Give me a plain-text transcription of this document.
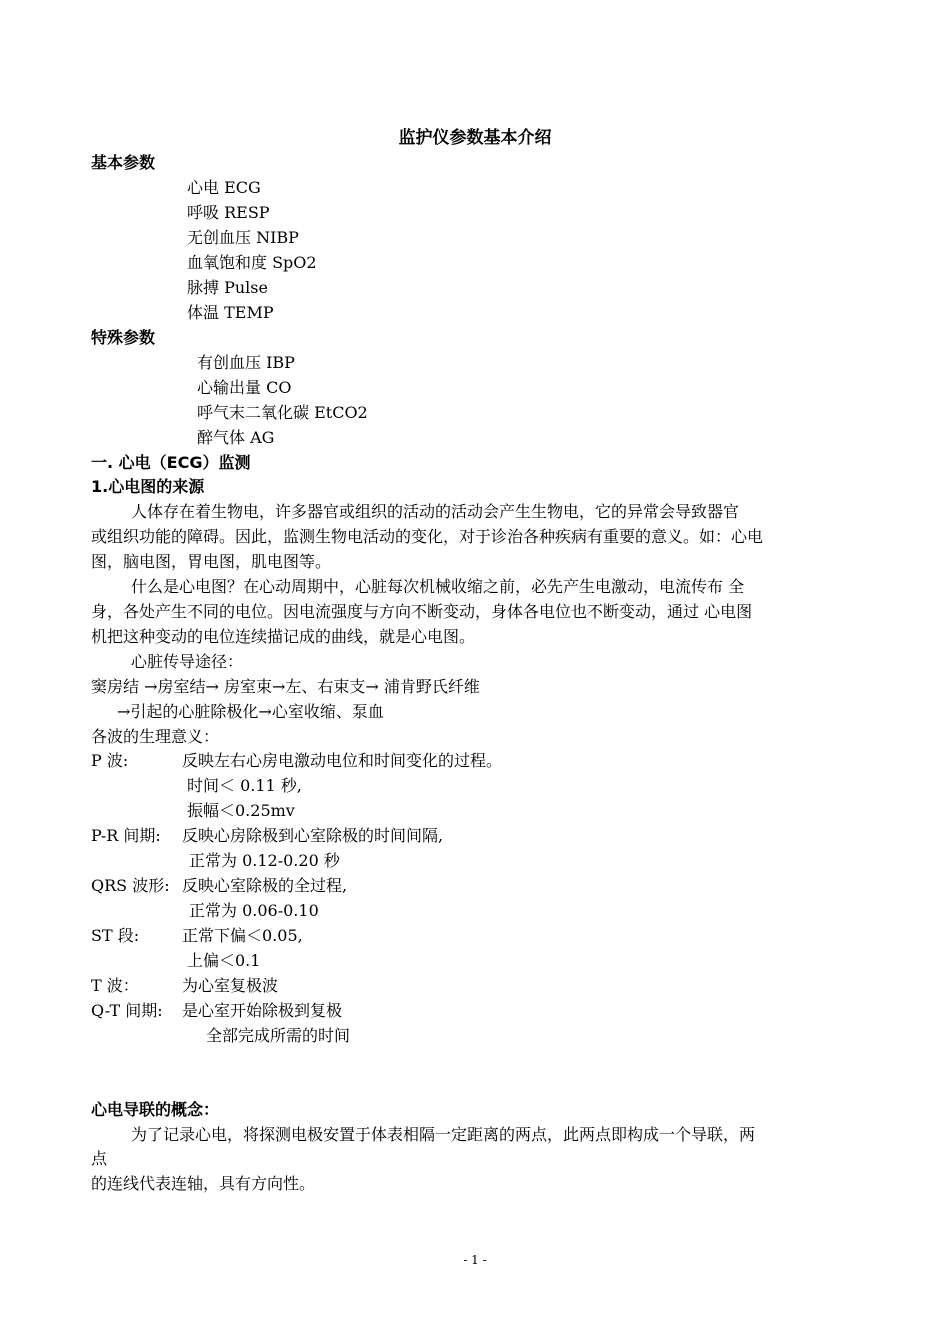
监护仪参数基本介绍
基本参数
心电 ECG
呼吸 RESP
无创血压 NIBP
血氧饱和度 SpO2
脉搏 Pulse
体温 TEMP
特殊参数
有创血压 IBP
心输出量 CO
呼气末二氧化碳 EtCO2
醉气体 AG
一. 心电（ECG）监测
1.心电图的来源
人体存在着生物电，许多器官或组织的活动的活动会产生生物电，它的异常会导致器官
或组织功能的障碍。因此，监测生物电活动的变化，对于诊治各种疾病有重要的意义。如：心电
图，脑电图，胃电图，肌电图等。
什么是心电图？在心动周期中，心脏每次机械收缩之前，必先产生电激动，电流传布 全
身，各处产生不同的电位。因电流强度与方向不断变动，身体各电位也不断变动，通过 心电图
机把这种变动的电位连续描记成的曲线，就是心电图。
心脏传导途径：
窦房结 →房室结→ 房室束→左、右束支→ 浦肯野氏纤维
→引起的心脏除极化→心室收缩、泵血
各波的生理意义：
P 波:	反映左右心房电激动电位和时间变化的过程。
时间＜ 0.11 秒,
振幅＜0.25mv
P-R 间期: 反映心房除极到心室除极的时间间隔,
正常为 0.12-0.20 秒
QRS 波形: 反映心室除极的全过程,
正常为 0.06-0.10
ST 段:	正常下偏＜0.05,
上偏＜0.1
T 波：	为心室复极波
Q-T 间期: 是心室开始除极到复极
全部完成所需的时间
心电导联的概念：
为了记录心电，将探测电极安置于体表相隔一定距离的两点，此两点即构成一个导联，两
点
的连线代表连轴，具有方向性。
- 1 -
